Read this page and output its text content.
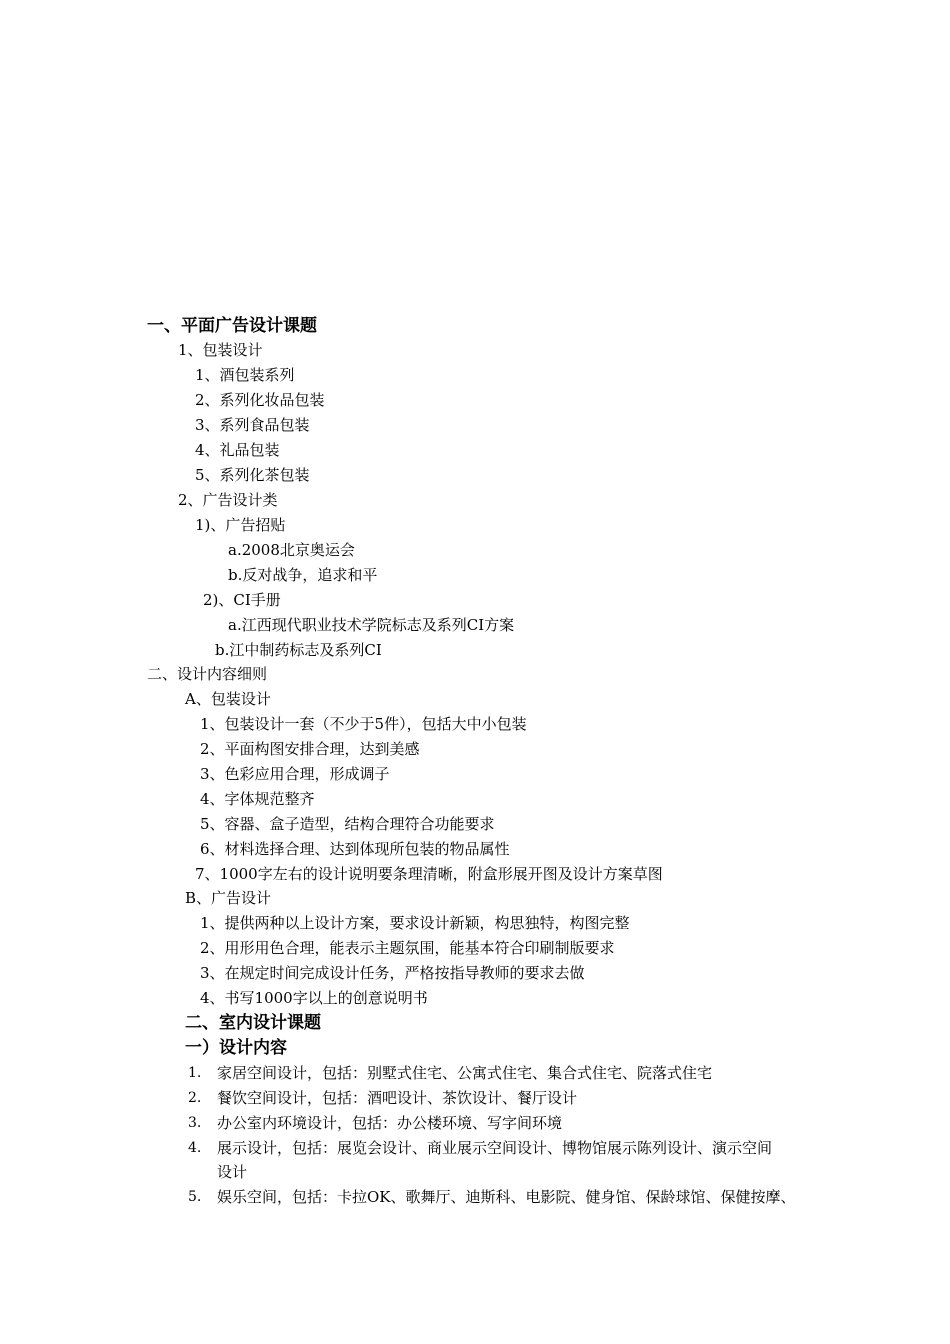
一、平面广告设计课题
1、包装设计
1、酒包装系列
2、系列化妆品包装
3、系列食品包装
4、礼品包装
5、系列化茶包装
2、广告设计类
1)、广告招贴
a.2008北京奥运会
b.反对战争，追求和平
2)、CI手册
a.江西现代职业技术学院标志及系列CI方案
b.江中制药标志及系列CI
二、设计内容细则
A、包装设计
1、包装设计一套（不少于5件），包括大中小包装
2、平面构图安排合理，达到美感
3、色彩应用合理，形成调子
4、字体规范整齐
5、容器、盒子造型，结构合理符合功能要求
6、材料选择合理、达到体现所包装的物品属性
7、1000字左右的设计说明要条理清晰，附盒形展开图及设计方案草图
B、广告设计
1、提供两种以上设计方案，要求设计新颖，构思独特，构图完整
2、用形用色合理，能表示主题氛围，能基本符合印刷制版要求
3、在规定时间完成设计任务，严格按指导教师的要求去做
4、书写1000字以上的创意说明书
二、室内设计课题
一）设计内容
1. 家居空间设计，包括：别墅式住宅、公寓式住宅、集合式住宅、院落式住宅
2. 餐饮空间设计，包括：酒吧设计、茶饮设计、餐厅设计
3. 办公室内环境设计，包括：办公楼环境、写字间环境
4. 展示设计，包括：展览会设计、商业展示空间设计、博物馆展示陈列设计、演示空间
设计
5. 娱乐空间，包括：卡拉OK、歌舞厅、迪斯科、电影院、健身馆、保龄球馆、保健按摩、
